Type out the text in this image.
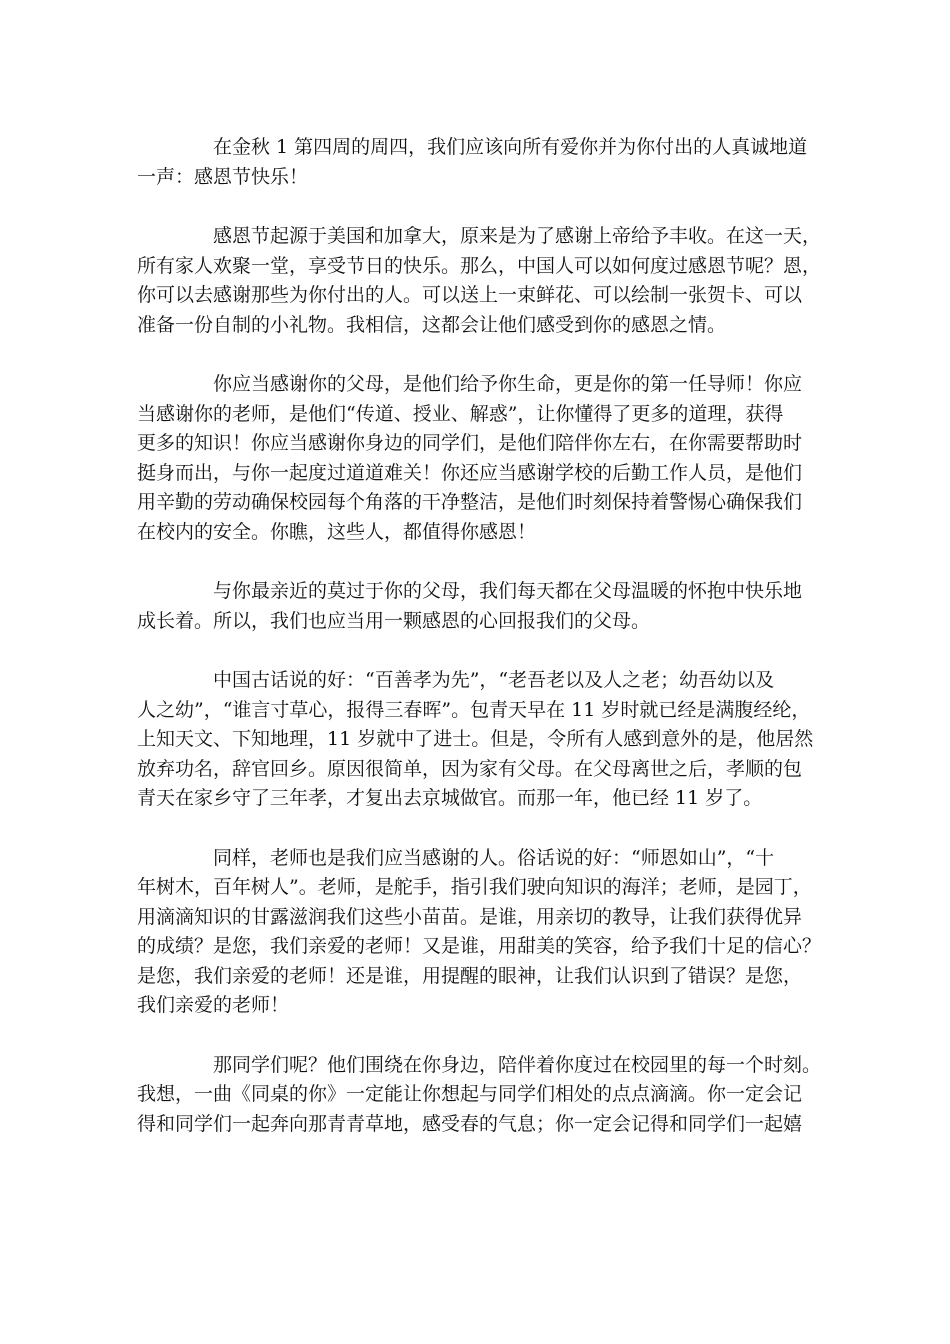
在金秋 1 第四周的周四，我们应该向所有爱你并为你付出的人真诚地道
一声：感恩节快乐！

感恩节起源于美国和加拿大，原来是为了感谢上帝给予丰收。在这一天，
所有家人欢聚一堂，享受节日的快乐。那么，中国人可以如何度过感恩节呢？恩，
你可以去感谢那些为你付出的人。可以送上一束鲜花、可以绘制一张贺卡、可以
准备一份自制的小礼物。我相信，这都会让他们感受到你的感恩之情。

你应当感谢你的父母，是他们给予你生命，更是你的第一任导师！你应
当感谢你的老师，是他们“传道、授业、解惑”，让你懂得了更多的道理，获得
更多的知识！你应当感谢你身边的同学们，是他们陪伴你左右，在你需要帮助时
挺身而出，与你一起度过道道难关！你还应当感谢学校的后勤工作人员，是他们
用辛勤的劳动确保校园每个角落的干净整洁，是他们时刻保持着警惕心确保我们
在校内的安全。你瞧，这些人，都值得你感恩！

与你最亲近的莫过于你的父母，我们每天都在父母温暖的怀抱中快乐地
成长着。所以，我们也应当用一颗感恩的心回报我们的父母。

中国古话说的好：“百善孝为先”，“老吾老以及人之老；幼吾幼以及
人之幼”，“谁言寸草心，报得三春晖”。包青天早在 11 岁时就已经是满腹经纶，
上知天文、下知地理，11 岁就中了进士。但是，令所有人感到意外的是，他居然
放弃功名，辞官回乡。原因很简单，因为家有父母。在父母离世之后，孝顺的包
青天在家乡守了三年孝，才复出去京城做官。而那一年，他已经 11 岁了。

同样，老师也是我们应当感谢的人。俗话说的好：“师恩如山”，“十
年树木，百年树人”。老师，是舵手，指引我们驶向知识的海洋；老师，是园丁，
用滴滴知识的甘露滋润我们这些小苗苗。是谁，用亲切的教导，让我们获得优异
的成绩？是您，我们亲爱的老师！又是谁，用甜美的笑容，给予我们十足的信心？
是您，我们亲爱的老师！还是谁，用提醒的眼神，让我们认识到了错误？是您，
我们亲爱的老师！

那同学们呢？他们围绕在你身边，陪伴着你度过在校园里的每一个时刻。
我想，一曲《同桌的你》一定能让你想起与同学们相处的点点滴滴。你一定会记
得和同学们一起奔向那青青草地，感受春的气息；你一定会记得和同学们一起嬉
